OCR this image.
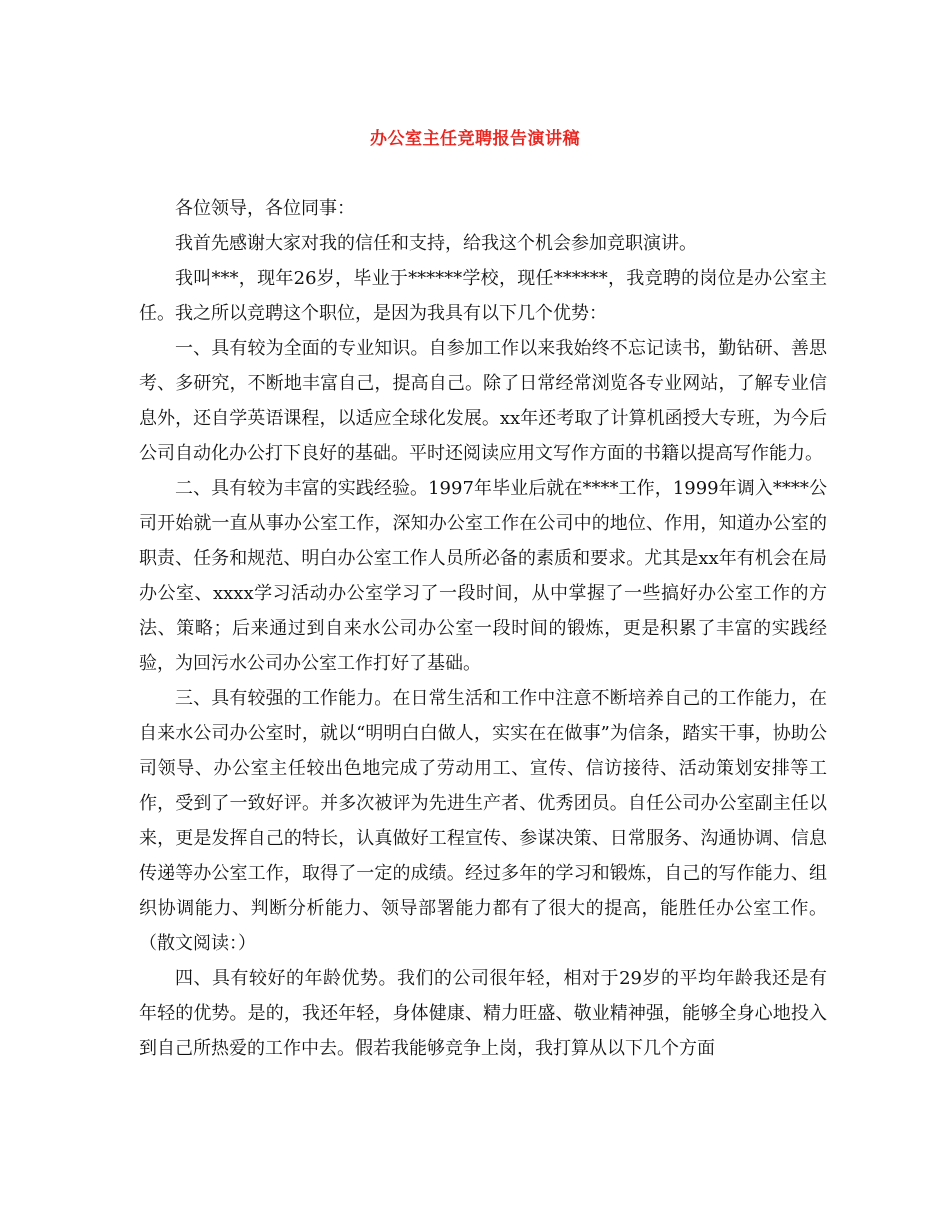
办公室主任竞聘报告演讲稿

各位领导，各位同事：

我首先感谢大家对我的信任和支持，给我这个机会参加竞职演讲。

我叫***，现年26岁，毕业于******学校，现任******，我竞聘的岗位是办公室主任。我之所以竞聘这个职位，是因为我具有以下几个优势：

一、具有较为全面的专业知识。自参加工作以来我始终不忘记读书，勤钻研、善思考、多研究，不断地丰富自己，提高自己。除了日常经常浏览各专业网站，了解专业信息外，还自学英语课程，以适应全球化发展。xx年还考取了计算机函授大专班，为今后公司自动化办公打下良好的基础。平时还阅读应用文写作方面的书籍以提高写作能力。

二、具有较为丰富的实践经验。1997年毕业后就在****工作，1999年调入****公司开始就一直从事办公室工作，深知办公室工作在公司中的地位、作用，知道办公室的职责、任务和规范、明白办公室工作人员所必备的素质和要求。尤其是xx年有机会在局办公室、xxxx学习活动办公室学习了一段时间，从中掌握了一些搞好办公室工作的方法、策略；后来通过到自来水公司办公室一段时间的锻炼，更是积累了丰富的实践经验，为回污水公司办公室工作打好了基础。

三、具有较强的工作能力。在日常生活和工作中注意不断培养自己的工作能力，在自来水公司办公室时，就以“明明白白做人，实实在在做事”为信条，踏实干事，协助公司领导、办公室主任较出色地完成了劳动用工、宣传、信访接待、活动策划安排等工作，受到了一致好评。并多次被评为先进生产者、优秀团员。自任公司办公室副主任以来，更是发挥自己的特长，认真做好工程宣传、参谋决策、日常服务、沟通协调、信息传递等办公室工作，取得了一定的成绩。经过多年的学习和锻炼，自己的写作能力、组织协调能力、判断分析能力、领导部署能力都有了很大的提高，能胜任办公室工作。（散文阅读：）

四、具有较好的年龄优势。我们的公司很年轻，相对于29岁的平均年龄我还是有年轻的优势。是的，我还年轻，身体健康、精力旺盛、敬业精神强，能够全身心地投入到自己所热爱的工作中去。假若我能够竞争上岗，我打算从以下几个方面
